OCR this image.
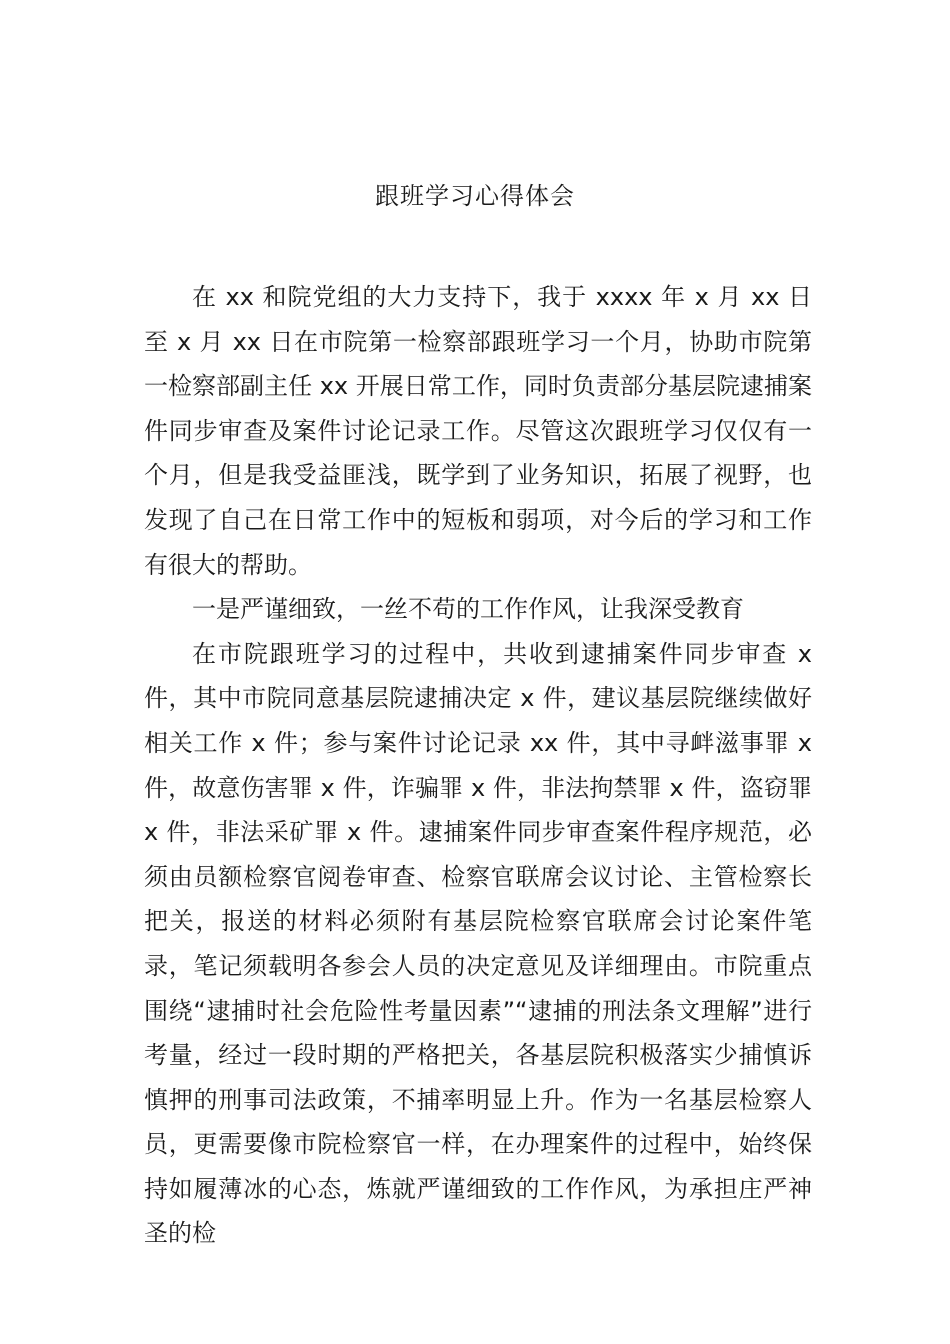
跟班学习心得体会

在 xx 和院党组的大力支持下，我于 xxxx 年 x 月 xx 日至 x 月 xx 日在市院第一检察部跟班学习一个月，协助市院第一检察部副主任 xx 开展日常工作，同时负责部分基层院逮捕案件同步审查及案件讨论记录工作。尽管这次跟班学习仅仅有一个月，但是我受益匪浅，既学到了业务知识，拓展了视野，也发现了自己在日常工作中的短板和弱项，对今后的学习和工作有很大的帮助。

一是严谨细致，一丝不苟的工作作风，让我深受教育

在市院跟班学习的过程中，共收到逮捕案件同步审查 x 件，其中市院同意基层院逮捕决定 x 件，建议基层院继续做好相关工作 x 件；参与案件讨论记录 xx 件，其中寻衅滋事罪 x 件，故意伤害罪 x 件，诈骗罪 x 件，非法拘禁罪 x 件，盗窃罪 x 件，非法采矿罪 x 件。逮捕案件同步审查案件程序规范，必须由员额检察官阅卷审查、检察官联席会议讨论、主管检察长把关，报送的材料必须附有基层院检察官联席会讨论案件笔录，笔记须载明各参会人员的决定意见及详细理由。市院重点围绕“逮捕时社会危险性考量因素”“逮捕的刑法条文理解”进行考量，经过一段时期的严格把关，各基层院积极落实少捕慎诉慎押的刑事司法政策，不捕率明显上升。作为一名基层检察人员，更需要像市院检察官一样，在办理案件的过程中，始终保持如履薄冰的心态，炼就严谨细致的工作作风，为承担庄严神圣的检
